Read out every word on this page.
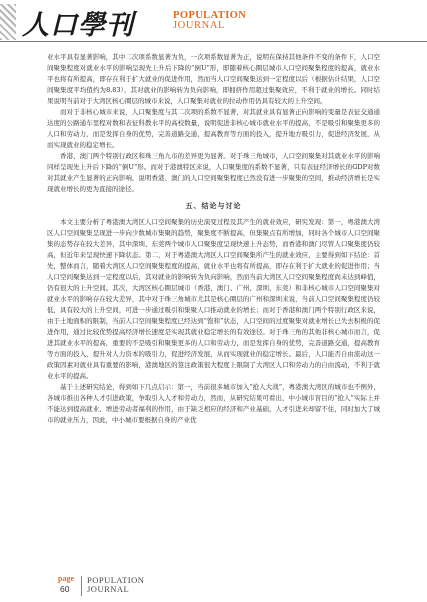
人口學刊	POPULATION
JOURNAL

业水平具有显著影响，其中二次项系数显著为负，一次项系数显著为正，说明在保持其他条件不变的条件下，人口空间聚集程度对就业水平的影响呈现先上升后下降的“倒U”形，即随着核心圈层城市人口空间聚集程度的提高，就业水平也将有所提高，即存在利于扩大就业的促进作用，然而当人口空间聚集达到一定程度以后（根据估计结果，人口空间聚集度平均值约为8.83），其对就业的影响转为负向影响，即拥挤作用超过集聚效应，不利于就业的增长。同时结果说明当前对于大湾区核心圈层的城市来说，人口聚集对就业的拉动作用仍具有较大的上升空间。

而对于非核心城市来说，人口聚集度与其二次项的系数不显著，对其就业具有显著正向影响的变量是表征交通通达度的公路通车里程对数和表征科教水平的高校数量，说明促进非核心城市就业水平的提高，不是吸引和聚集更多的人口和劳动力，而是发挥自身的优势，完善道路交通，提高教育等方面的投入，提升地方吸引力，促进经济发展，从而实现就业的稳定增长。

香港、澳门两个特别行政区和珠三角九市的差异更为显著。对于珠三角城市，人口空间聚集对其就业水平的影响同样呈现先上升后下降的“倒U”形。而对于港澳特区来说，人口聚集度的系数不显著，只有表征经济增长的GDP对数对其就业产生显著的正向影响，说明香港、澳门的人口空间聚集程度已然没有进一步聚集的空间，推动经济增长是实现就业增长的更为直接的途径。

五、结论与讨论

本文主要分析了粤港澳大湾区人口空间聚集的历史演变过程及其产生的就业效应，研究发现：第一，粤港澳大湾区人口空间聚集呈现进一步向少数城市集聚的趋势，聚集度不断提高，但集聚点有所增加，同时各个城市人口空间聚集的态势存在较大差异，其中深圳、东莞两个城市人口聚集度呈现快速上升态势，而香港和澳门尽管人口聚集度仍较高，但近年来呈现快速下降状态。第二，对于粤港澳大湾区人口空间聚集所产生的就业效应，主要得到如下结论：首先，整体而言，随着大湾区人口空间聚集程度的提高，就业水平也将有所提高，即存在利于扩大就业的促进作用；当人口空间聚集达到一定程度以后，其对就业的影响转为负向影响，然而当前大湾区人口空间聚集程度尚未达到峰值，仍有很大的上升空间。其次，大湾区核心圈层城市（香港、澳门、广州、深圳、东莞）和非核心城市人口空间聚集对就业水平的影响存在较大差异，其中对于珠三角城市尤其是核心圈层的广州和深圳来说，当前人口空间聚集程度仍较低，具有较大的上升空间，可进一步通过吸引和集聚人口推动就业的增长；而对于香港和澳门两个特别行政区来说，由于土地面积的限制，当前人口空间聚集程度已经达到“饱和”状态，人口空间的过度聚集对就业增长已失去积极的促进作用，通过比较优势提高经济增长速度是实现其就业稳定增长的有效途径。对于珠三角的其他非核心城市而言，促进其就业水平的提高，重要的不是吸引和聚集更多的人口和劳动力，而是发挥自身的优势，完善道路交通，提高教育等方面的投入，提升对人力资本的吸引力，促进经济发展，从而实现就业的稳定增长。最后，人口能否自由流动这一政策因素对就业具有重要的影响，港澳地区的签注政策很大程度上限制了大湾区人口和劳动力的自由流动，不利于就业水平的提高。

基于上述研究结论，得到如下几点启示：第一，当前很多城市加入“抢人大战”，粤港澳大湾区的城市也不例外，各城市推出各种人才引进政策，争取引入人才和劳动力，然而，从研究结果可看出，中小城市盲目的“抢人”实际上并不能达到提高就业、增进劳动者福利的作用，由于缺乏相应的经济和产业基础，人才引进来却留不住，同时加大了城市的就业压力，因此，中小城市要根据自身的产业优

page
60
POPULATION
JOURNAL
